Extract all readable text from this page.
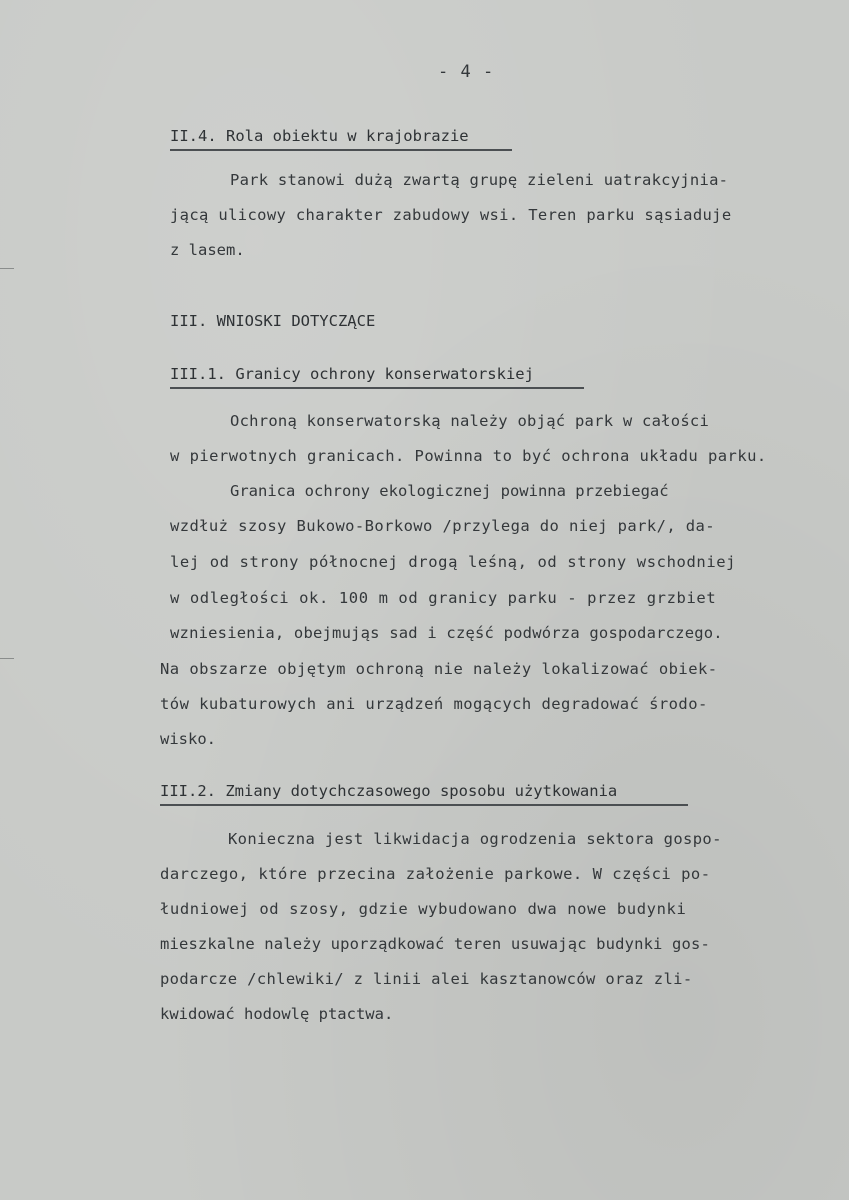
- 4 -
II.4. Rola obiektu w krajobrazie
Park stanowi dużą zwartą grupę zieleni uatrakcyjnia-
jącą ulicowy charakter zabudowy wsi. Teren parku sąsiaduje
z lasem.
III. WNIOSKI DOTYCZĄCE
III.1. Granicy ochrony konserwatorskiej
Ochroną konserwatorską należy objąć park w całości
w pierwotnych granicach. Powinna to być ochrona układu parku.
Granica ochrony ekologicznej powinna przebiegać
wzdłuż szosy Bukowo-Borkowo /przylega do niej park/, da-
lej od strony północnej drogą leśną, od strony wschodniej
w odległości ok. 100 m od granicy parku - przez grzbiet
wzniesienia, obejmująs sad i część podwórza gospodarczego.
Na obszarze objętym ochroną nie należy lokalizować obiek-
tów kubaturowych ani urządzeń mogących degradować środo-
wisko.
III.2. Zmiany dotychczasowego sposobu użytkowania
Konieczna jest likwidacja ogrodzenia sektora gospo-
darczego, które przecina założenie parkowe. W części po-
łudniowej od szosy, gdzie wybudowano dwa nowe budynki
mieszkalne należy uporządkować teren usuwając budynki gos-
podarcze /chlewiki/ z linii alei kasztanowców oraz zli-
kwidować hodowlę ptactwa.
